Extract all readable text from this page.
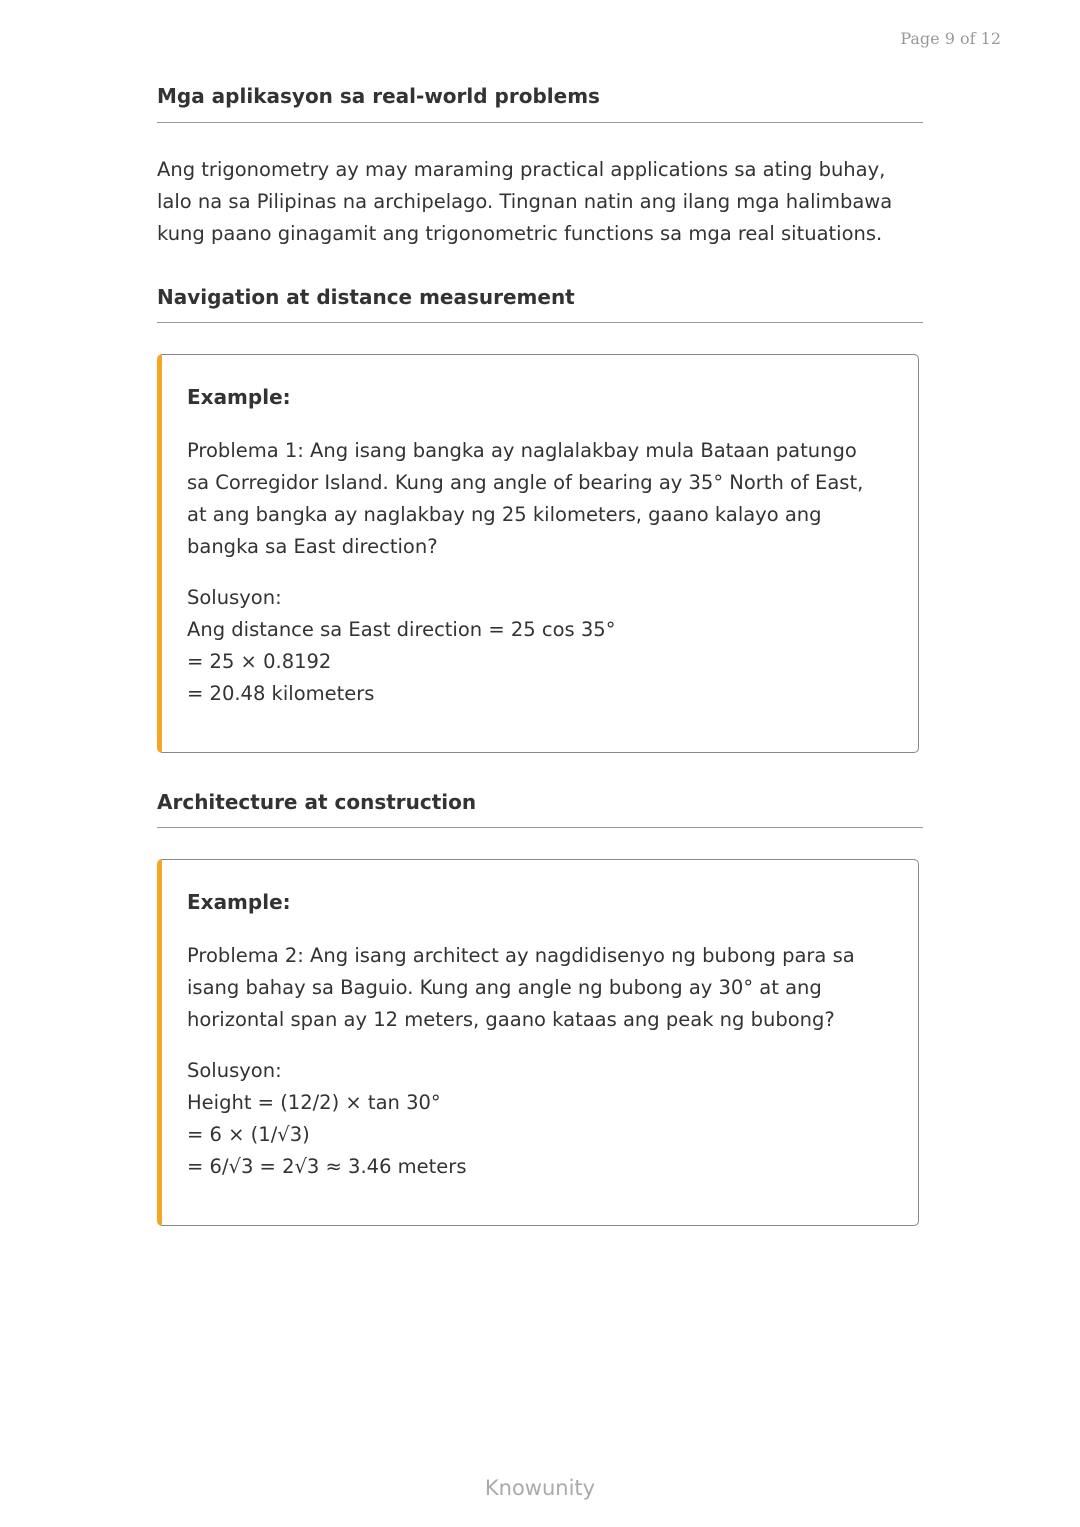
Page 9 of 12
Mga aplikasyon sa real-world problems
Ang trigonometry ay may maraming practical applications sa ating buhay,
lalo na sa Pilipinas na archipelago. Tingnan natin ang ilang mga halimbawa
kung paano ginagamit ang trigonometric functions sa mga real situations.
Navigation at distance measurement
Example:
Problema 1: Ang isang bangka ay naglalakbay mula Bataan patungo
sa Corregidor Island. Kung ang angle of bearing ay 35° North of East,
at ang bangka ay naglakbay ng 25 kilometers, gaano kalayo ang
bangka sa East direction?
Solusyon:
Ang distance sa East direction = 25 cos 35°
= 25 × 0.8192
= 20.48 kilometers
Architecture at construction
Example:
Problema 2: Ang isang architect ay nagdidisenyo ng bubong para sa
isang bahay sa Baguio. Kung ang angle ng bubong ay 30° at ang
horizontal span ay 12 meters, gaano kataas ang peak ng bubong?
Solusyon:
Height = (12/2) × tan 30°
= 6 × (1/√3)
= 6/√3 = 2√3 ≈ 3.46 meters
Knowunity
